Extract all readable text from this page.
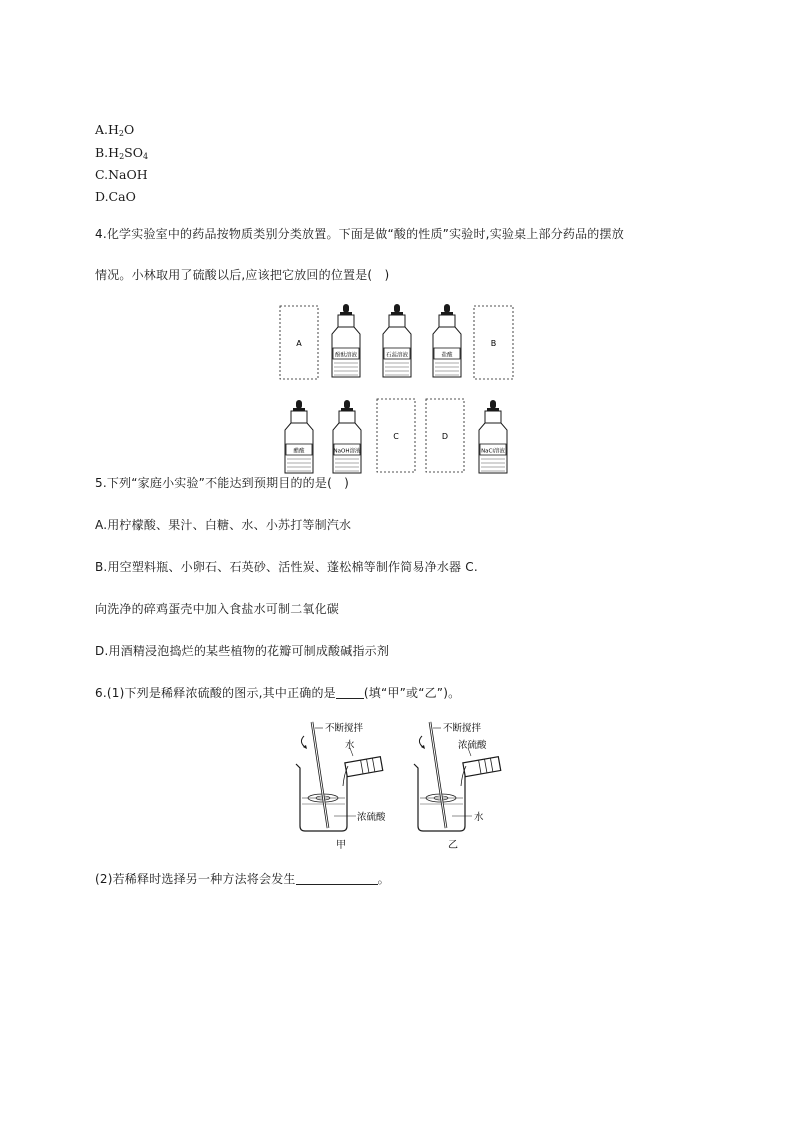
$A.H_2O$
$B.H_2SO_4$
C.NaOH
D.CaO
4.化学实验室中的药品按物质类别分类放置。下面是做“酸的性质”实验时,实验桌上部分药品的摆放
情况。小林取用了硫酸以后,应该把它放回的位置是(　)
A
酚酞溶液	石蕊溶液	盐酸
B
醋酸	NaOH溶液
C	D
NaCl溶液
5.下列“家庭小实验”不能达到预期目的的是(　)
A.用柠檬酸、果汁、白糖、水、小苏打等制汽水
B.用空塑料瓶、小卵石、石英砂、活性炭、蓬松棉等制作简易净水器 C.
向洗净的碎鸡蛋壳中加入食盐水可制二氧化碳
D.用酒精浸泡捣烂的某些植物的花瓣可制成酸碱指示剂
6.(1)下列是稀释浓硫酸的图示,其中正确的是 (填“甲”或“乙”)。
不断搅拌
水
浓硫酸
甲
不断搅拌
浓硫酸
水
乙
(2)若稀释时选择另一种方法将会发生	。
